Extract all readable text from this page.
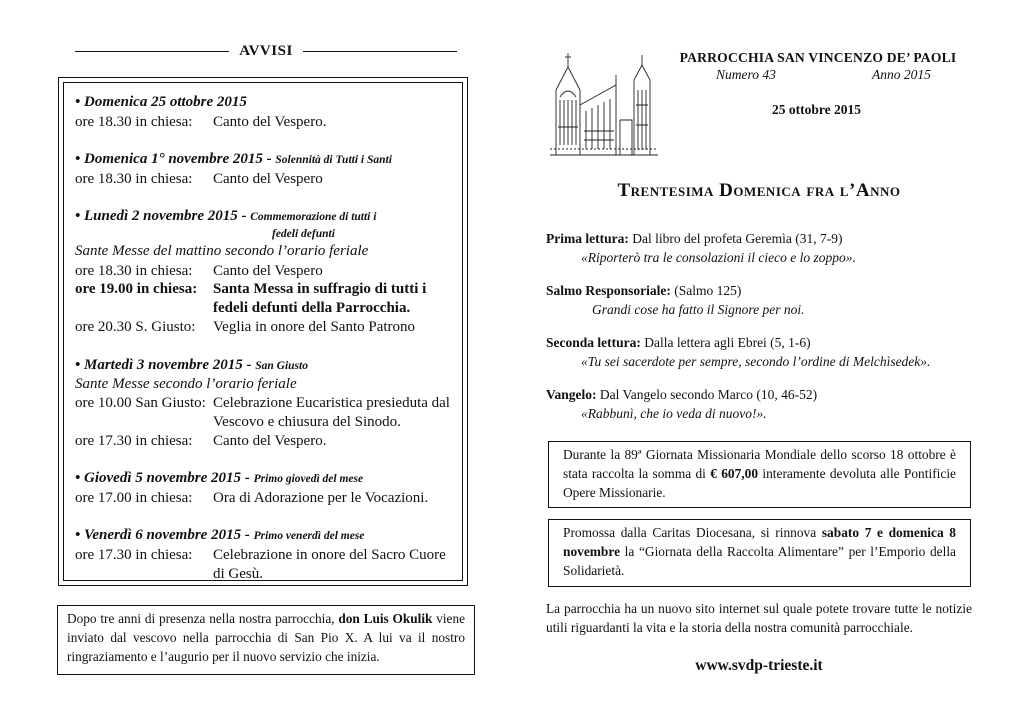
AVVISI
• Domenica 25 ottobre 2015
ore 18.30 in chiesa: Canto del Vespero.
• Domenica 1° novembre 2015 - Solennità di Tutti i Santi
ore 18.30 in chiesa: Canto del Vespero
• Lunedì 2 novembre 2015 - Commemorazione di tutti i
fedeli defunti
Sante Messe del mattino secondo l’orario feriale
ore 18.30 in chiesa: Canto del Vespero
ore 19.00 in chiesa: Santa Messa in suffragio di tutti i
fedeli defunti della Parrocchia.
ore 20.30 S. Giusto: Veglia in onore del Santo Patrono
• Martedì 3 novembre 2015 - San Giusto
Sante Messe secondo l’orario feriale
ore 10.00 San Giusto: Celebrazione Eucaristica presieduta dal
Vescovo e chiusura del Sinodo.
ore 17.30 in chiesa: Canto del Vespero.
• Giovedì 5 novembre 2015 - Primo giovedì del mese
ore 17.00 in chiesa: Ora di Adorazione per le Vocazioni.
• Venerdì 6 novembre 2015 - Primo venerdì del mese
ore 17.30 in chiesa: Celebrazione in onore del Sacro Cuore
di Gesù.
Dopo tre anni di presenza nella nostra parrocchia, don Luis Okulik viene inviato dal vescovo nella parrocchia di San Pio X. A lui va il nostro ringraziamento e l’augurio per il nuovo servizio che inizia.
PARROCCHIA SAN VINCENZO DE’ PAOLI
Numero 43	Anno 2015
25 ottobre 2015
Trentesima Domenica fra l’Anno
Prima lettura: Dal libro del profeta Geremìa (31, 7-9)
«Riporterò tra le consolazioni il cieco e lo zoppo».
Salmo Responsoriale: (Salmo 125)
Grandi cose ha fatto il Signore per noi.
Seconda lettura: Dalla lettera agli Ebrei (5, 1-6)
«Tu sei sacerdote per sempre, secondo l’ordine di Melchìsedek».
Vangelo: Dal Vangelo secondo Marco (10, 46-52)
«Rabbunì, che io veda di nuovo!».
Durante la 89ª Giornata Missionaria Mondiale dello scorso 18 ottobre è stata raccolta la somma di € 607,00 interamente devoluta alle Pontificie Opere Missionarie.
Promossa dalla Caritas Diocesana, si rinnova sabato 7 e domenica 8 novembre la “Giornata della Raccolta Alimentare” per l’Emporio della Solidarietà.
La parrocchia ha un nuovo sito internet sul quale potete trovare tutte le notizie utili riguardanti la vita e la storia della nostra comunità parrocchiale.
www.svdp-trieste.it
